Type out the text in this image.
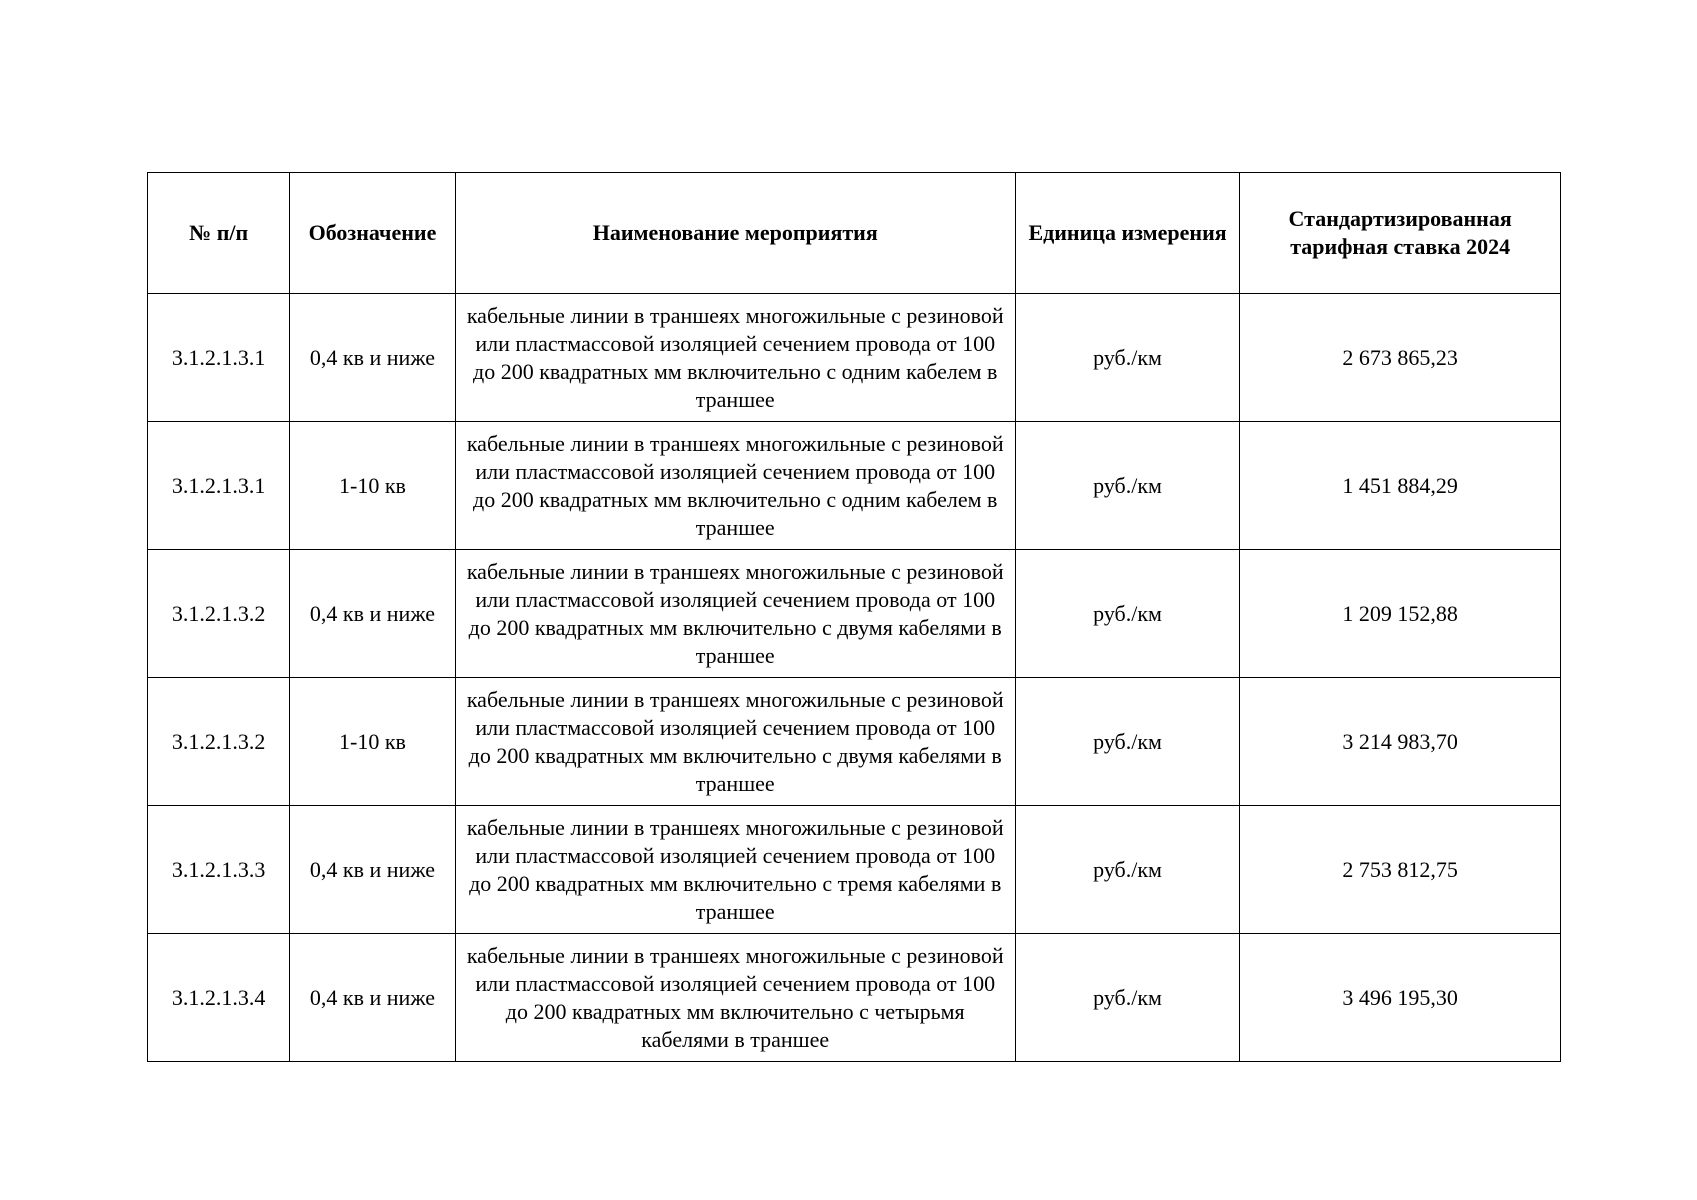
№ п/п	Обозначение	Наименование мероприятия	Единица измерения	Стандартизированная тарифная ставка 2024
3.1.2.1.3.1	0,4 кв и ниже	кабельные линии в траншеях многожильные с резиновой или пластмассовой изоляцией сечением провода от 100 до 200 квадратных мм включительно с одним кабелем в траншее	руб./км	2 673 865,23
3.1.2.1.3.1	1-10 кв	кабельные линии в траншеях многожильные с резиновой или пластмассовой изоляцией сечением провода от 100 до 200 квадратных мм включительно с одним кабелем в траншее	руб./км	1 451 884,29
3.1.2.1.3.2	0,4 кв и ниже	кабельные линии в траншеях многожильные с резиновой или пластмассовой изоляцией сечением провода от 100 до 200 квадратных мм включительно с двумя кабелями в траншее	руб./км	1 209 152,88
3.1.2.1.3.2	1-10 кв	кабельные линии в траншеях многожильные с резиновой или пластмассовой изоляцией сечением провода от 100 до 200 квадратных мм включительно с двумя кабелями в траншее	руб./км	3 214 983,70
3.1.2.1.3.3	0,4 кв и ниже	кабельные линии в траншеях многожильные с резиновой или пластмассовой изоляцией сечением провода от 100 до 200 квадратных мм включительно с тремя кабелями в траншее	руб./км	2 753 812,75
3.1.2.1.3.4	0,4 кв и ниже	кабельные линии в траншеях многожильные с резиновой или пластмассовой изоляцией сечением провода от 100 до 200 квадратных мм включительно с четырьмя кабелями в траншее	руб./км	3 496 195,30
